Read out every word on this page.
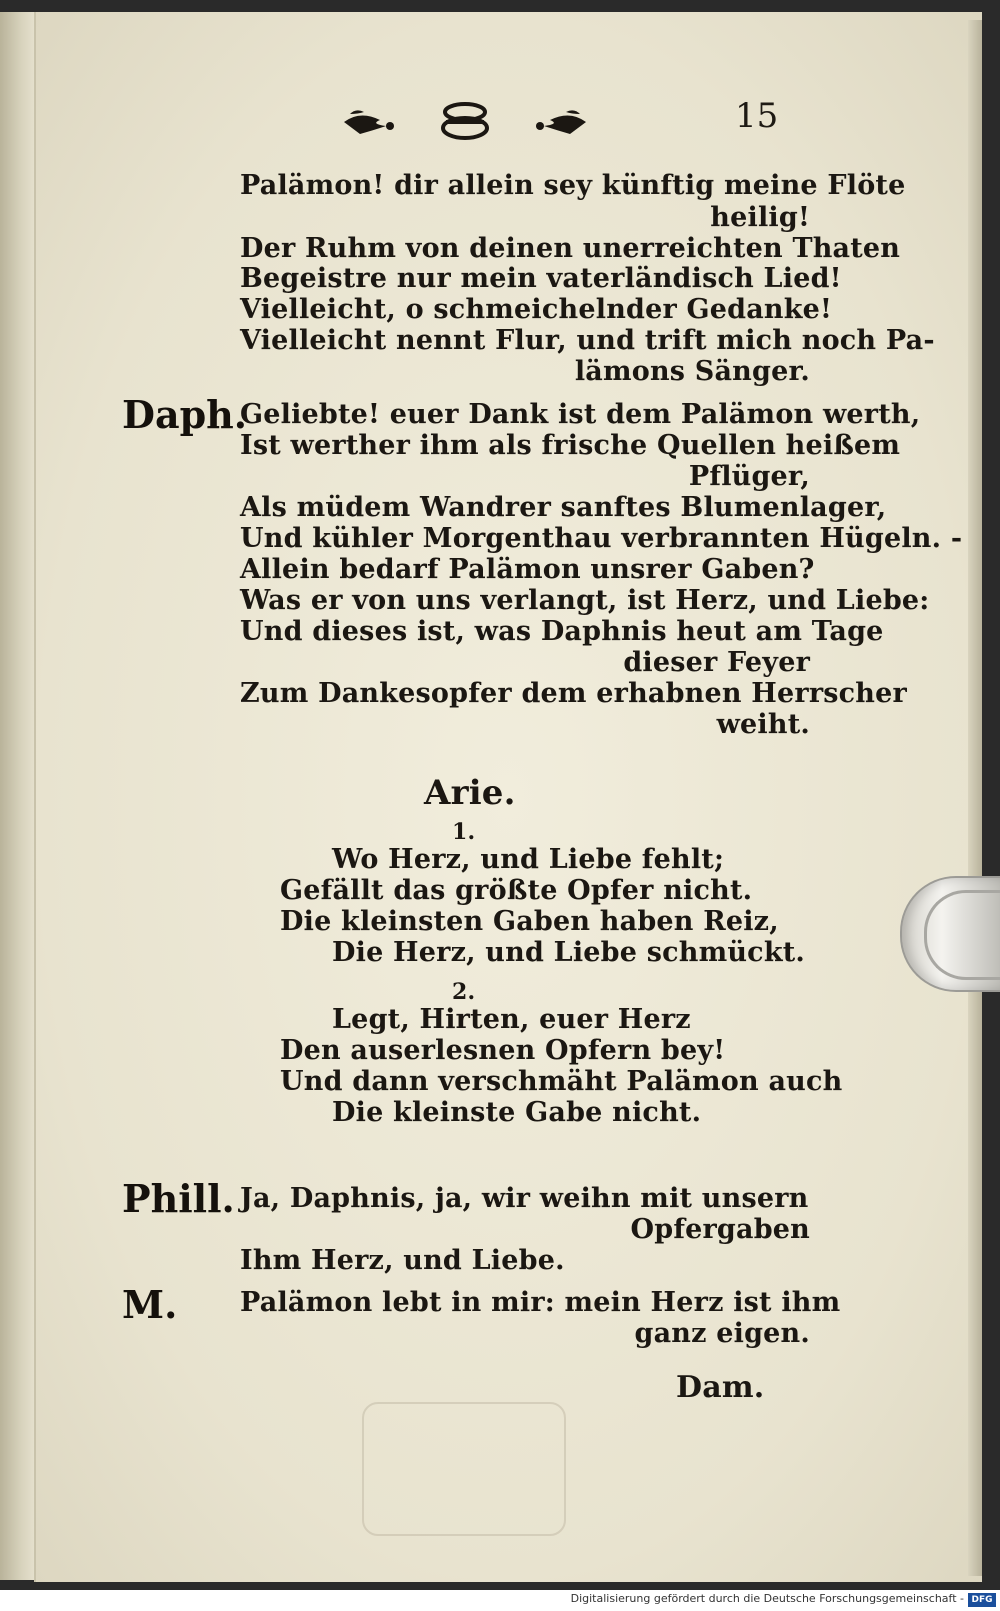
15
Palämon! dir allein sey künftig meine Flöte
heilig!
Der Ruhm von deinen unerreichten Thaten
Begeistre nur mein vaterländisch Lied!
Vielleicht, o schmeichelnder Gedanke!
Vielleicht nennt Flur, und trift mich noch Pa-
lämons Sänger.
Daph.
Geliebte! euer Dank ist dem Palämon werth,
Ist werther ihm als frische Quellen heißem
Pflüger,
Als müdem Wandrer sanftes Blumenlager,
Und kühler Morgenthau verbrannten Hügeln. -
Allein bedarf Palämon unsrer Gaben?
Was er von uns verlangt, ist Herz, und Liebe:
Und dieses ist, was Daphnis heut am Tage
dieser Feyer
Zum Dankesopfer dem erhabnen Herrscher
weiht.
Arie.
1.
Wo Herz, und Liebe fehlt;
Gefällt das größte Opfer nicht.
Die kleinsten Gaben haben Reiz,
Die Herz, und Liebe schmückt.
2.
Legt, Hirten, euer Herz
Den auserlesnen Opfern bey!
Und dann verschmäht Palämon auch
Die kleinste Gabe nicht.
Phill. Ja, Daphnis, ja, wir weihn mit unsern
Opfergaben
Ihm Herz, und Liebe.
M. Palämon lebt in mir: mein Herz ist ihm
ganz eigen.
Dam.
Digitalisierung gefördert durch die Deutsche Forschungsgemeinschaft - DFG
